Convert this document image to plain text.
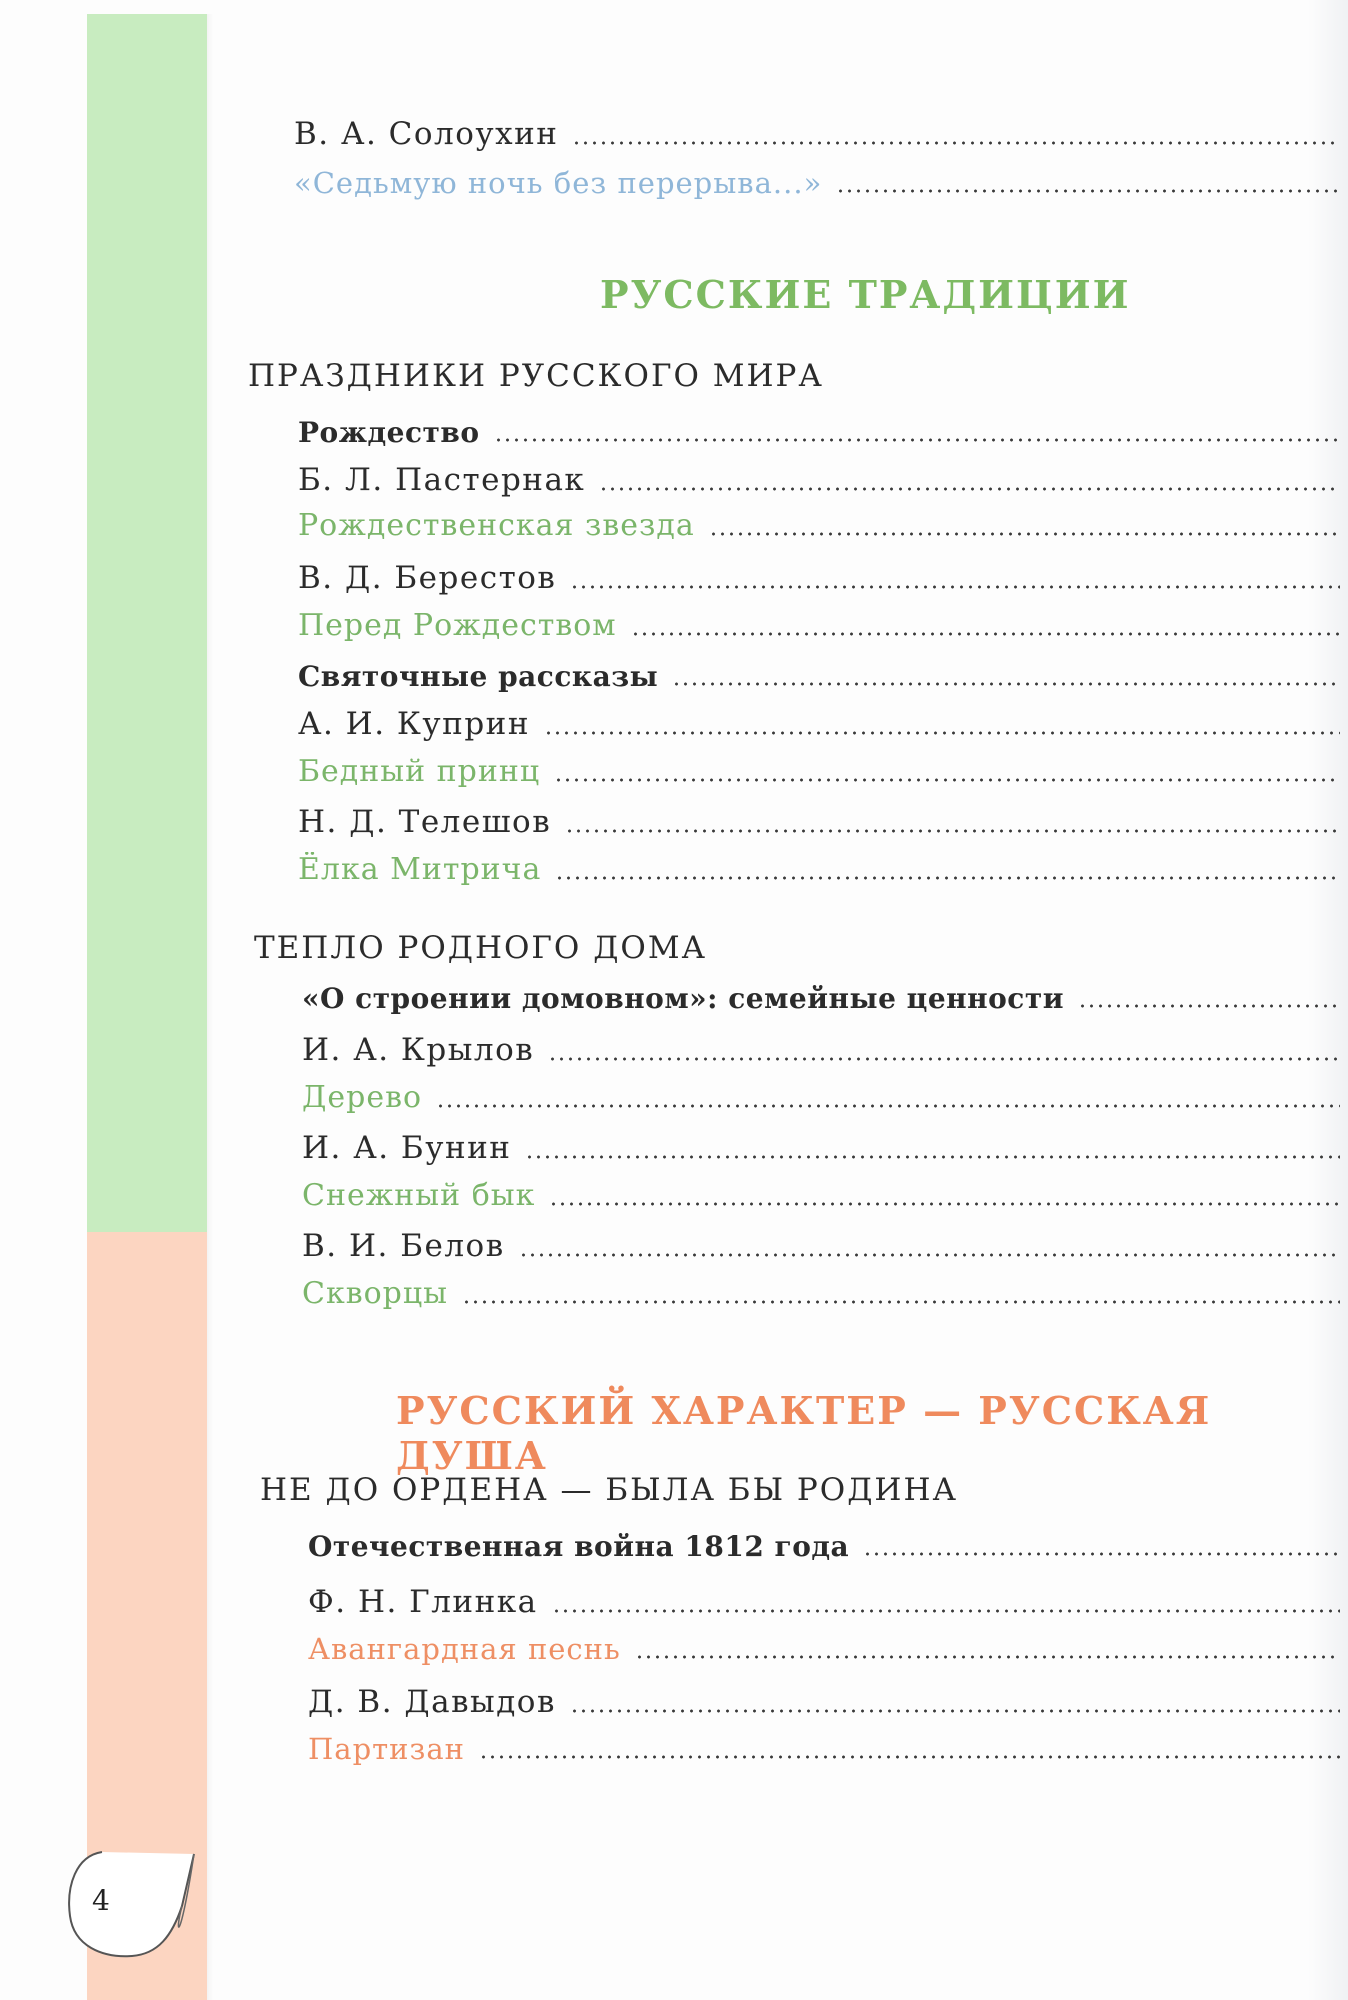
4
В. А. Солоухин
«Седьмую ночь без перерыва...»
РУССКИЕ ТРАДИЦИИ
ПРАЗДНИКИ РУССКОГО МИРА
Рождество
Б. Л. Пастернак
Рождественская звезда
В. Д. Берестов
Перед Рождеством
Святочные рассказы
А. И. Куприн
Бедный принц
Н. Д. Телешов
Ёлка Митрича
ТЕПЛО РОДНОГО ДОМА
«О строении домовном»: семейные ценности
И. А. Крылов
Дерево
И. А. Бунин
Снежный бык
В. И. Белов
Скворцы
РУССКИЙ ХАРАКТЕР — РУССКАЯ ДУША
НЕ ДО ОРДЕНА — БЫЛА БЫ РОДИНА
Отечественная война 1812 года
Ф. Н. Глинка
Авангардная песнь
Д. В. Давыдов
Партизан
